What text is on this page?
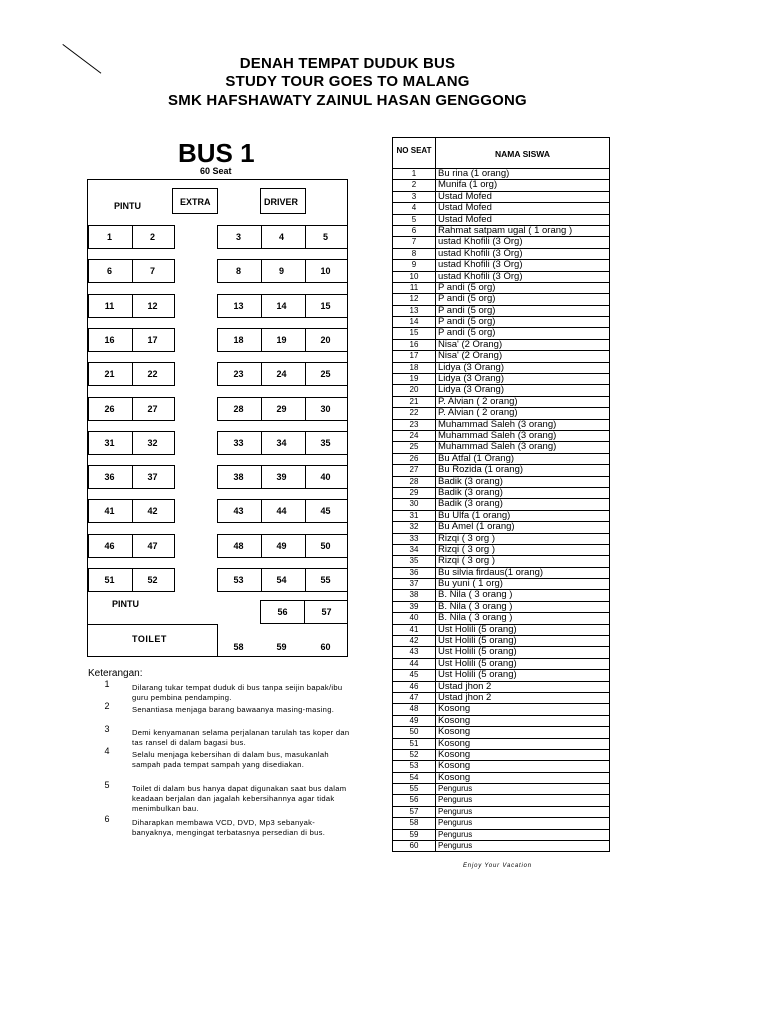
DENAH TEMPAT DUDUK BUS
STUDY TOUR GOES TO MALANG
SMK HAFSHAWATY ZAINUL HASAN GENGGONG
BUS 1
60 Seat
PINTU	EXTRA	DRIVER
1	2	3	4	5
6	7	8	9	10
11	12	13	14	15
16	17	18	19	20
21	22	23	24	25
26	27	28	29	30
31	32	33	34	35
36	37	38	39	40
41	42	43	44	45
46	47	48	49	50
51	52	53	54	55
PINTU
56	57
TOILET
58	59	60
Keterangan:
1	Dilarang tukar tempat duduk di bus tanpa seijin bapak/ibu guru pembina pendamping.
2	Senantiasa menjaga barang bawaanya masing-masing.
3	Demi kenyamanan selama perjalanan tarulah tas koper dan tas ransel di dalam bagasi bus.
4	Selalu menjaga kebersihan di dalam bus, masukanlah sampah pada tempat sampah yang disediakan.
5	Toilet di dalam bus hanya dapat digunakan saat bus dalam keadaan berjalan dan jagalah kebersihannya agar tidak menimbulkan bau.
6	Diharapkan membawa VCD, DVD, Mp3 sebanyak-banyaknya, mengingat terbatasnya persedian di bus.
NO SEAT	NAMA SISWA
1	Bu rina (1 orang)
2	Munifa (1 org)
3	Ustad Mofed
4	Ustad Mofed
5	Ustad Mofed
6	Rahmat satpam ugal ( 1 orang )
7	ustad Khofili (3 Org)
8	ustad Khofili (3 Org)
9	ustad Khofili (3 Org)
10	ustad Khofili (3 Org)
11	P andi (5 org)
12	P andi (5 org)
13	P andi (5 org)
14	P andi (5 org)
15	P andi (5 org)
16	Nisa' (2 Orang)
17	Nisa' (2 Orang)
18	Lidya (3 Orang)
19	Lidya (3 Orang)
20	Lidya (3 Orang)
21	P. Alvian ( 2 orang)
22	P. Alvian ( 2 orang)
23	Muhammad Saleh (3 orang)
24	Muhammad Saleh (3 orang)
25	Muhammad Saleh (3 orang)
26	Bu Atfal (1 Orang)
27	Bu Rozida (1 orang)
28	Badik (3 orang)
29	Badik (3 orang)
30	Badik (3 orang)
31	Bu Ulfa (1 orang)
32	Bu Amel (1 orang)
33	Rizqi ( 3 org )
34	Rizqi ( 3 org )
35	Rizqi ( 3 org )
36	Bu silvia firdaus(1 orang)
37	Bu yuni ( 1 org)
38	B. Nila ( 3 orang )
39	B. Nila ( 3 orang )
40	B. Nila ( 3 orang )
41	Ust Holili (5 orang)
42	Ust Holili (5 orang)
43	Ust Holili (5 orang)
44	Ust Holili (5 orang)
45	Ust Holili (5 orang)
46	Ustad jhon 2
47	Ustad jhon 2
48	Kosong
49	Kosong
50	Kosong
51	Kosong
52	Kosong
53	Kosong
54	Kosong
55	Pengurus
56	Pengurus
57	Pengurus
58	Pengurus
59	Pengurus
60	Pengurus
Enjoy Your Vacation
